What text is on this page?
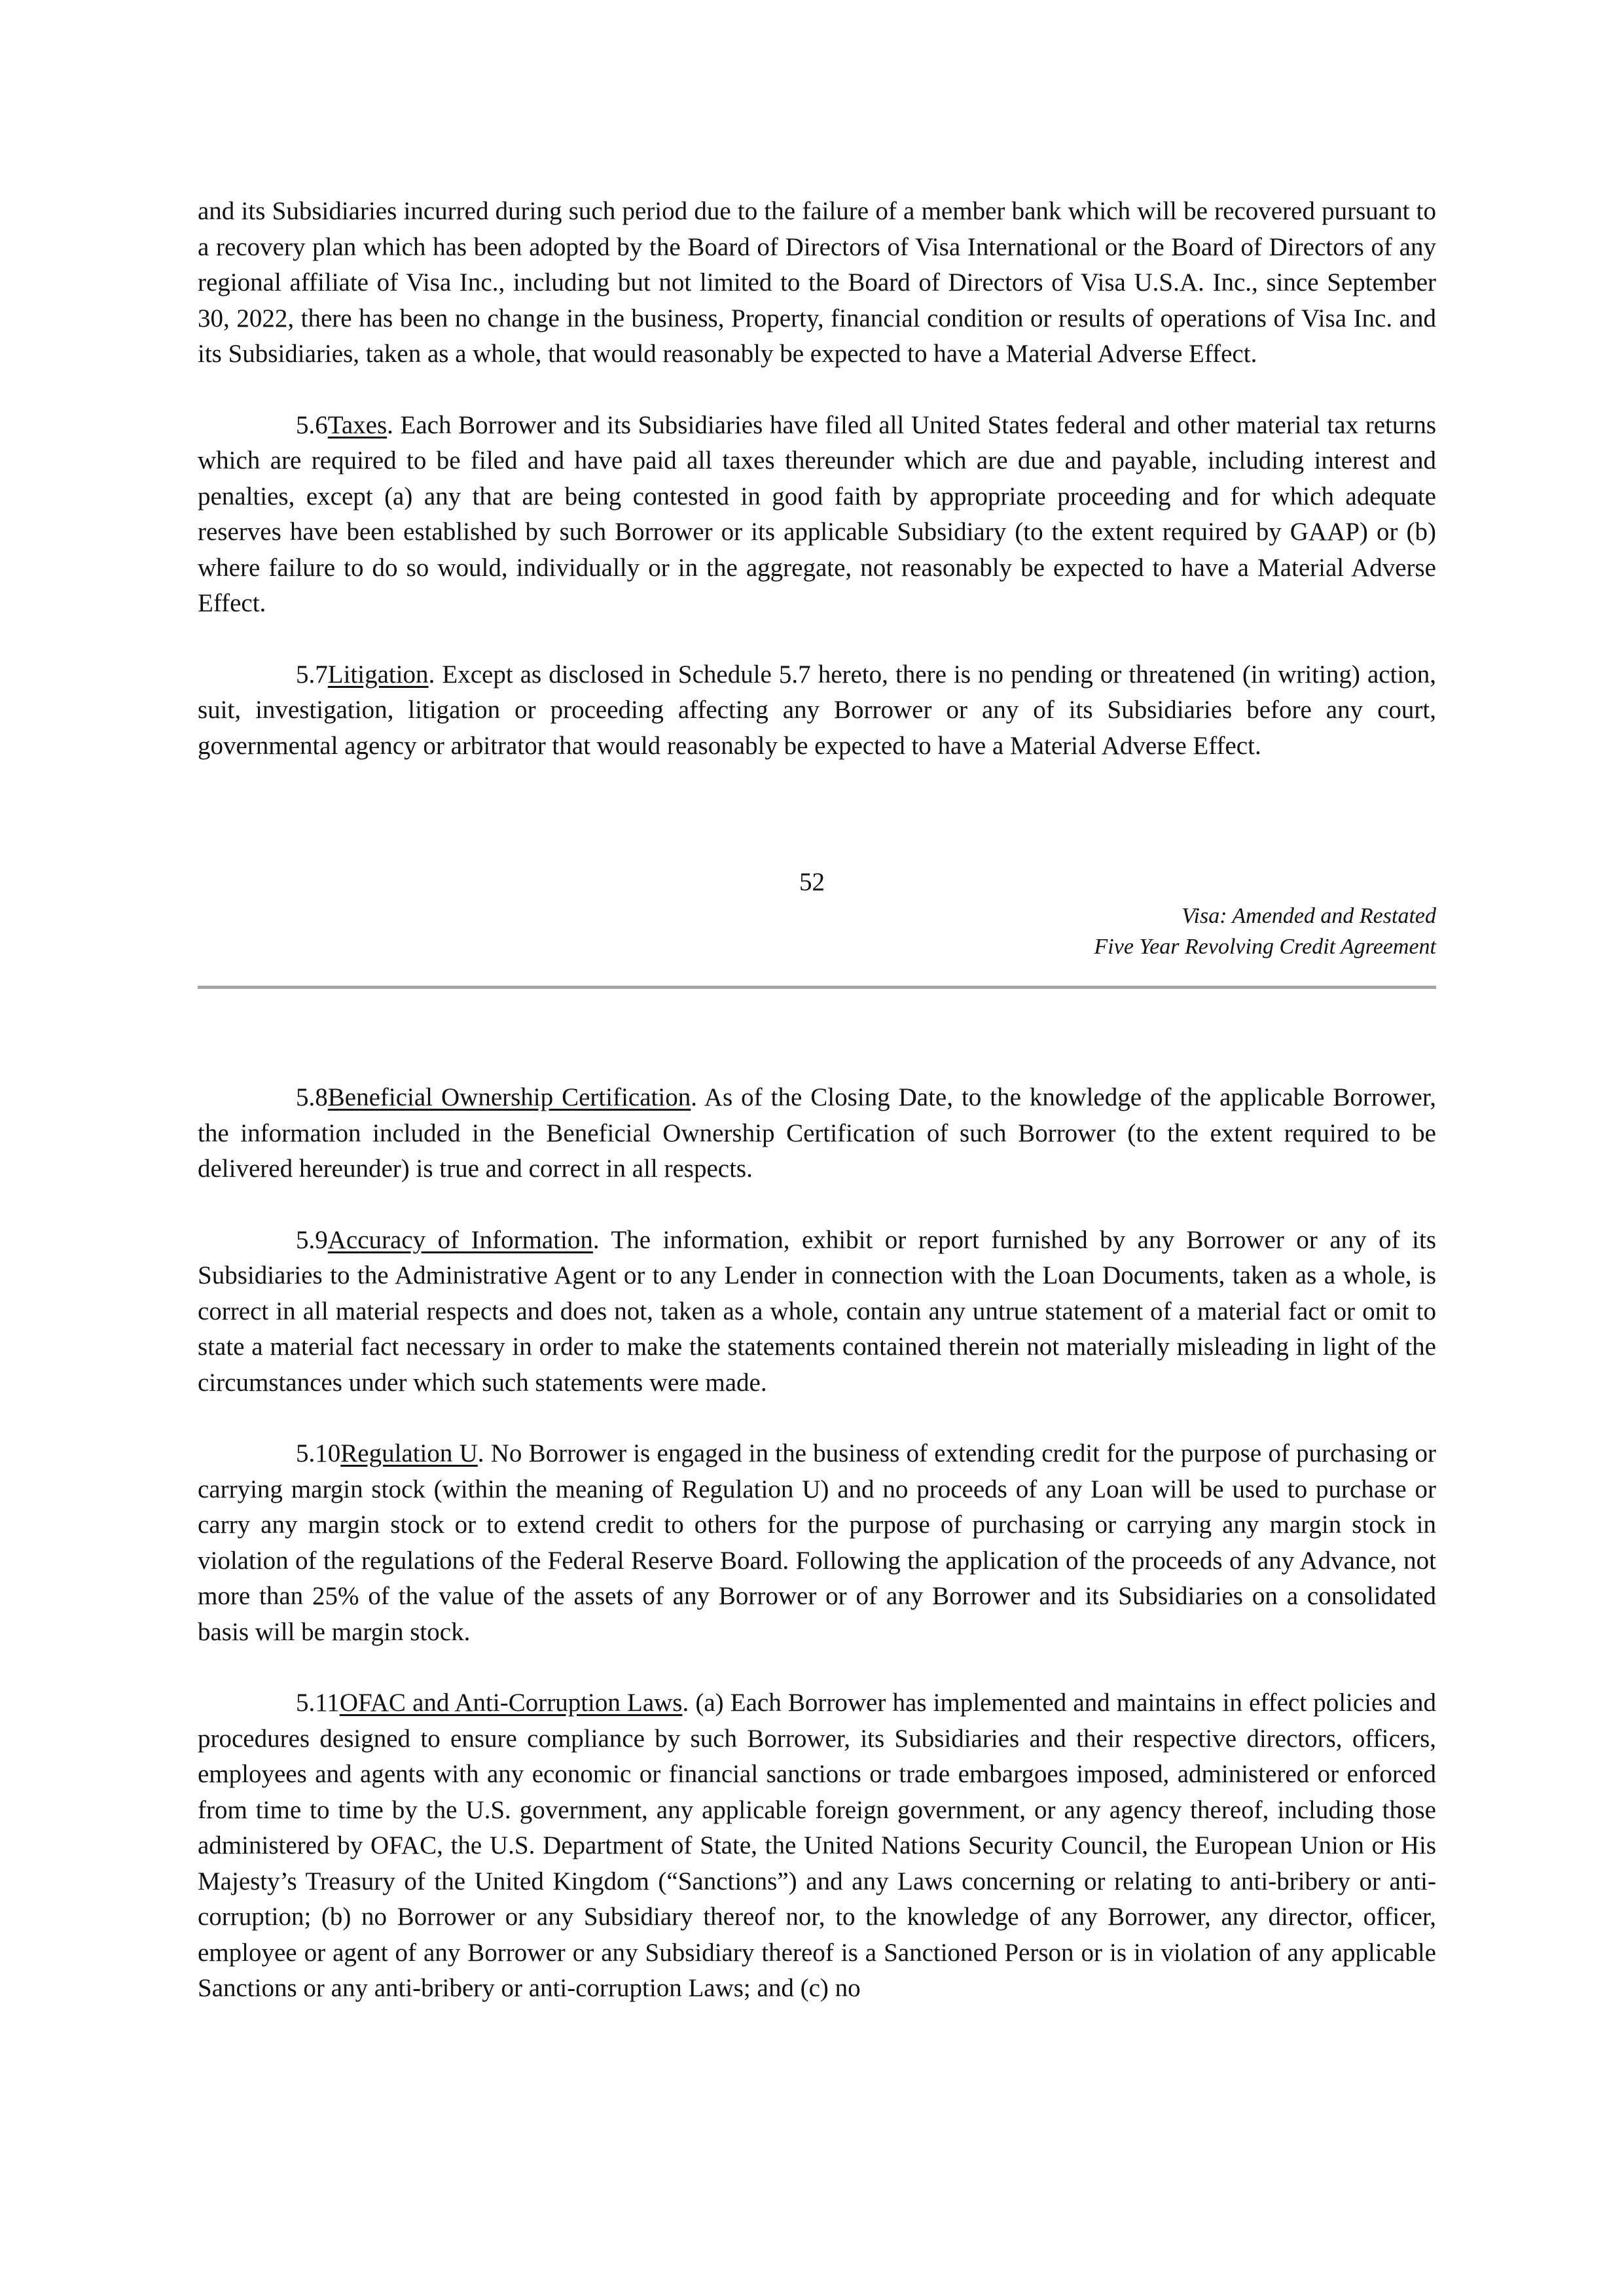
and its Subsidiaries incurred during such period due to the failure of a member bank which will be recovered pursuant to a recovery plan which has been adopted by the Board of Directors of Visa International or the Board of Directors of any regional affiliate of Visa Inc., including but not limited to the Board of Directors of Visa U.S.A. Inc., since September 30, 2022, there has been no change in the business, Property, financial condition or results of operations of Visa Inc. and its Subsidiaries, taken as a whole, that would reasonably be expected to have a Material Adverse Effect.

5.6Taxes. Each Borrower and its Subsidiaries have filed all United States federal and other material tax returns which are required to be filed and have paid all taxes thereunder which are due and payable, including interest and penalties, except (a) any that are being contested in good faith by appropriate proceeding and for which adequate reserves have been established by such Borrower or its applicable Subsidiary (to the extent required by GAAP) or (b) where failure to do so would, individually or in the aggregate, not reasonably be expected to have a Material Adverse Effect.

5.7Litigation. Except as disclosed in Schedule 5.7 hereto, there is no pending or threatened (in writing) action, suit, investigation, litigation or proceeding affecting any Borrower or any of its Subsidiaries before any court, governmental agency or arbitrator that would reasonably be expected to have a Material Adverse Effect.

52
Visa: Amended and Restated
Five Year Revolving Credit Agreement

5.8Beneficial Ownership Certification. As of the Closing Date, to the knowledge of the applicable Borrower, the information included in the Beneficial Ownership Certification of such Borrower (to the extent required to be delivered hereunder) is true and correct in all respects.

5.9Accuracy of Information. The information, exhibit or report furnished by any Borrower or any of its Subsidiaries to the Administrative Agent or to any Lender in connection with the Loan Documents, taken as a whole, is correct in all material respects and does not, taken as a whole, contain any untrue statement of a material fact or omit to state a material fact necessary in order to make the statements contained therein not materially misleading in light of the circumstances under which such statements were made.

5.10Regulation U. No Borrower is engaged in the business of extending credit for the purpose of purchasing or carrying margin stock (within the meaning of Regulation U) and no proceeds of any Loan will be used to purchase or carry any margin stock or to extend credit to others for the purpose of purchasing or carrying any margin stock in violation of the regulations of the Federal Reserve Board. Following the application of the proceeds of any Advance, not more than 25% of the value of the assets of any Borrower or of any Borrower and its Subsidiaries on a consolidated basis will be margin stock.

5.11OFAC and Anti-Corruption Laws. (a) Each Borrower has implemented and maintains in effect policies and procedures designed to ensure compliance by such Borrower, its Subsidiaries and their respective directors, officers, employees and agents with any economic or financial sanctions or trade embargoes imposed, administered or enforced from time to time by the U.S. government, any applicable foreign government, or any agency thereof, including those administered by OFAC, the U.S. Department of State, the United Nations Security Council, the European Union or His Majesty’s Treasury of the United Kingdom (“Sanctions”) and any Laws concerning or relating to anti-bribery or anti-corruption; (b) no Borrower or any Subsidiary thereof nor, to the knowledge of any Borrower, any director, officer, employee or agent of any Borrower or any Subsidiary thereof is a Sanctioned Person or is in violation of any applicable Sanctions or any anti-bribery or anti-corruption Laws; and (c) no
